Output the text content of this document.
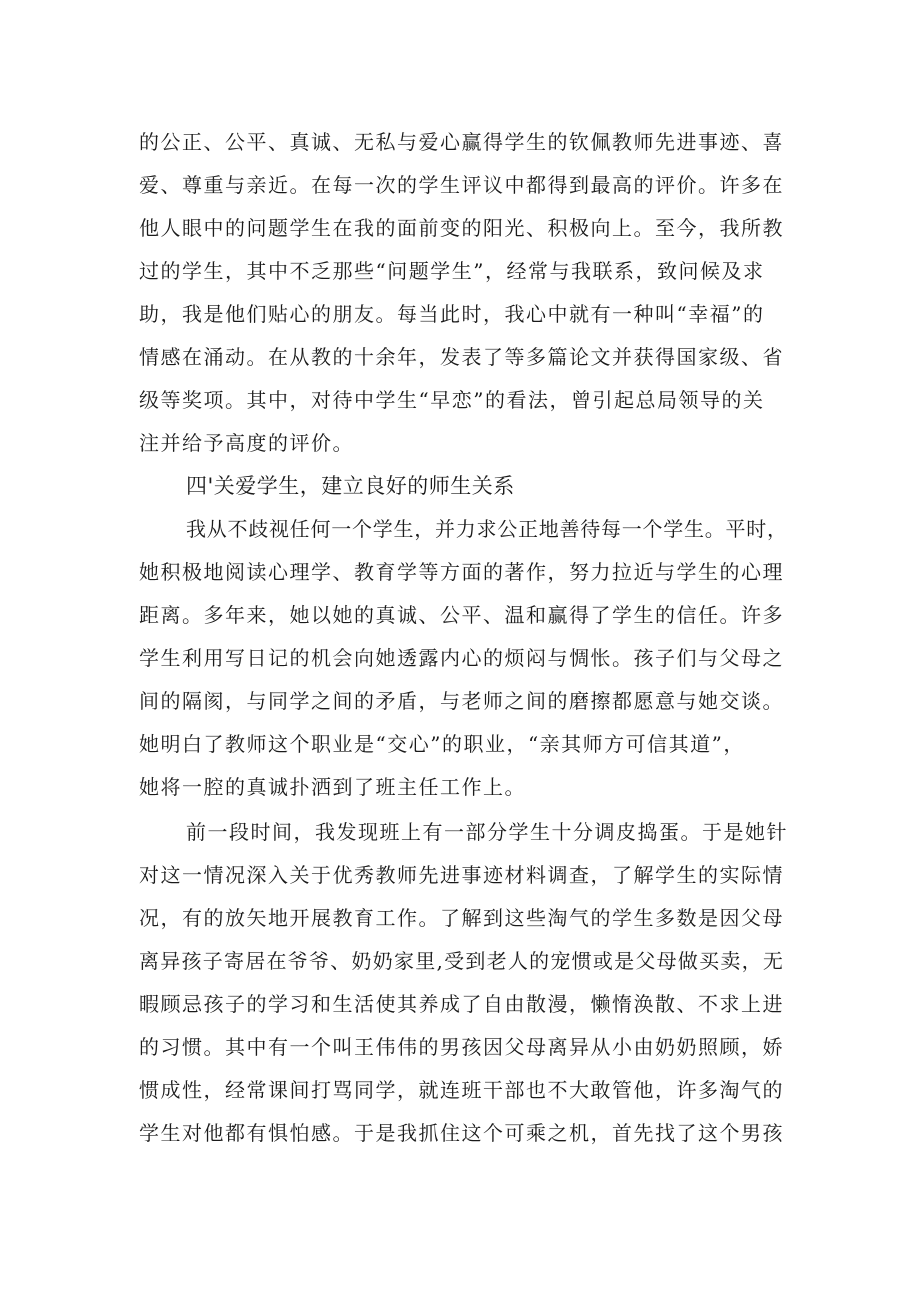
的公正、公平、真诚、无私与爱心赢得学生的钦佩教师先进事迹、喜
爱、尊重与亲近。在每一次的学生评议中都得到最高的评价。许多在
他人眼中的问题学生在我的面前变的阳光、积极向上。至今，我所教
过的学生，其中不乏那些“问题学生”，经常与我联系，致问候及求
助，我是他们贴心的朋友。每当此时，我心中就有一种叫“幸福”的
情感在涌动。在从教的十余年，发表了等多篇论文并获得国家级、省
级等奖项。其中，对待中学生“早恋”的看法，曾引起总局领导的关
注并给予高度的评价。
四'关爱学生，建立良好的师生关系
我从不歧视任何一个学生，并力求公正地善待每一个学生。平时，
她积极地阅读心理学、教育学等方面的著作，努力拉近与学生的心理
距离。多年来，她以她的真诚、公平、温和赢得了学生的信任。许多
学生利用写日记的机会向她透露内心的烦闷与惆怅。孩子们与父母之
间的隔阂，与同学之间的矛盾，与老师之间的磨擦都愿意与她交谈。
她明白了教师这个职业是“交心”的职业，“亲其师方可信其道”，
她将一腔的真诚扑洒到了班主任工作上。
前一段时间，我发现班上有一部分学生十分调皮捣蛋。于是她针
对这一情况深入关于优秀教师先进事迹材料调查，了解学生的实际情
况，有的放矢地开展教育工作。了解到这些淘气的学生多数是因父母
离异孩子寄居在爷爷、奶奶家里,受到老人的宠惯或是父母做买卖，无
暇顾忌孩子的学习和生活使其养成了自由散漫，懒惰涣散、不求上进
的习惯。其中有一个叫王伟伟的男孩因父母离异从小由奶奶照顾，娇
惯成性，经常课间打骂同学，就连班干部也不大敢管他，许多淘气的
学生对他都有惧怕感。于是我抓住这个可乘之机，首先找了这个男孩
